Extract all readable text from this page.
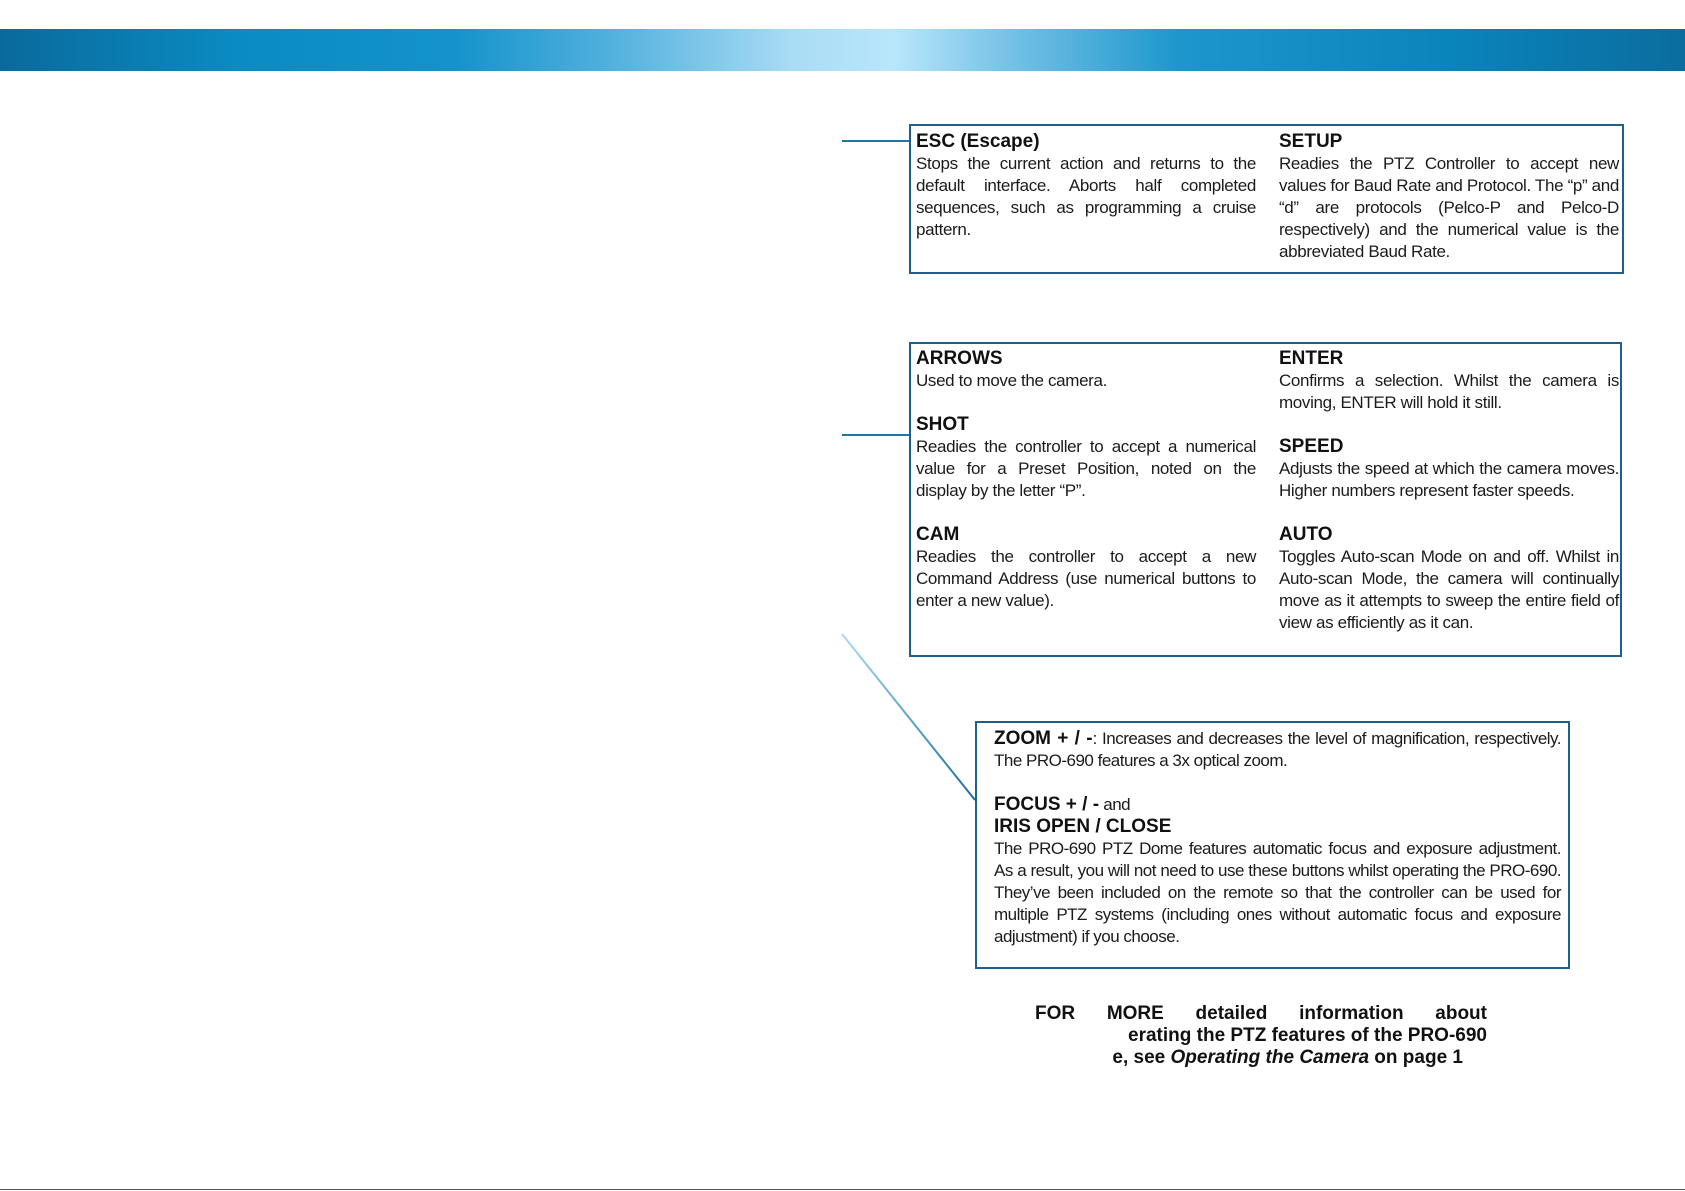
ESC (Escape)
Stops the current action and returns to the default interface. Aborts half completed sequences, such as programming a cruise pattern.
SETUP
Readies the PTZ Controller to accept new values for Baud Rate and Protocol. The “p” and “d” are protocols (Pelco-P and Pelco-D respectively) and the numerical value is the abbreviated Baud Rate.
ARROWS
Used to move the camera.
SHOT
Readies the controller to accept a numerical value for a Preset Position, noted on the display by the letter “P”.
CAM
Readies the controller to accept a new Command Address (use numerical buttons to enter a new value).
ENTER
Confirms a selection. Whilst the camera is moving, ENTER will hold it still.
SPEED
Adjusts the speed at which the camera moves. Higher numbers represent faster speeds.
AUTO
Toggles Auto-scan Mode on and off. Whilst in Auto-scan Mode, the camera will continually move as it attempts to sweep the entire field of view as efficiently as it can.
ZOOM + / -: Increases and decreases the level of magnification, respectively. The PRO-690 features a 3x optical zoom.
FOCUS + / - and
IRIS OPEN / CLOSE
The PRO-690 PTZ Dome features automatic focus and exposure adjustment. As a result, you will not need to use these buttons whilst operating the PRO-690. They’ve been included on the remote so that the controller can be used for multiple PTZ systems (including ones without automatic focus and exposure adjustment) if you choose.
FOR MORE detailed information about
erating the PTZ features of the PRO-690
e, see Operating the Camera on page 1
